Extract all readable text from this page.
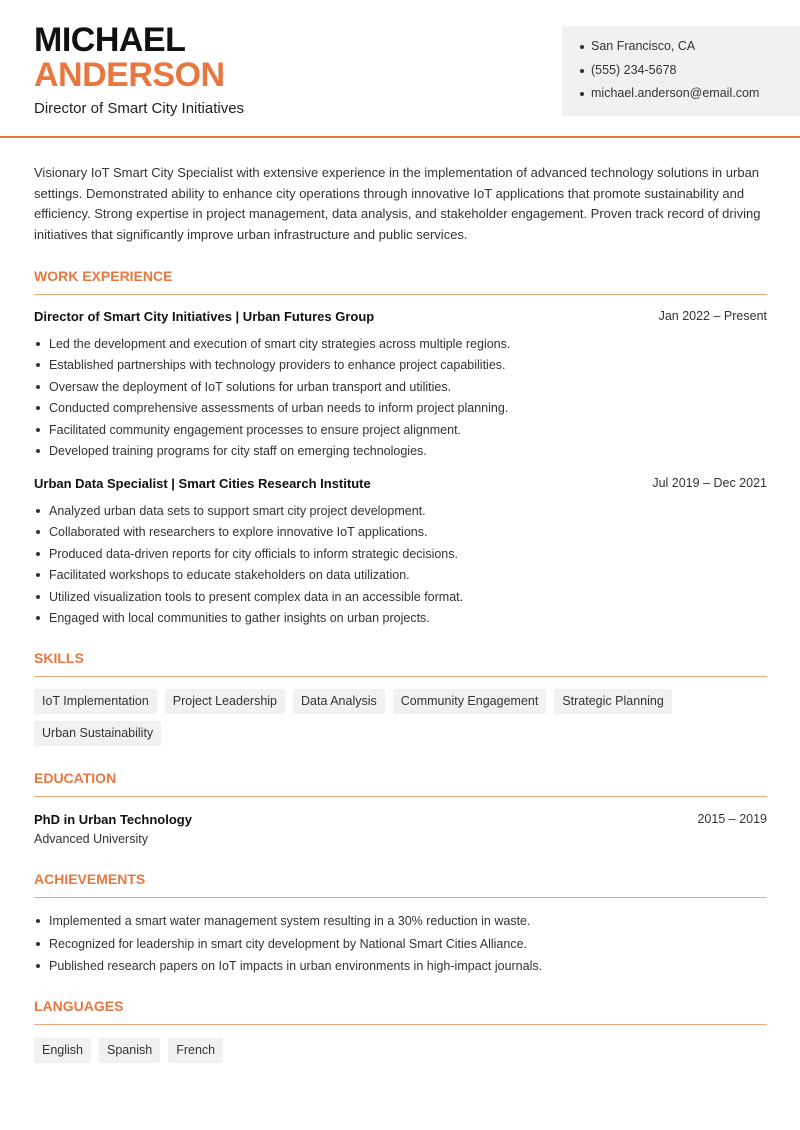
MICHAEL
ANDERSON
Director of Smart City Initiatives
San Francisco, CA
(555) 234-5678
michael.anderson@email.com

Visionary IoT Smart City Specialist with extensive experience in the implementation of advanced technology solutions in urban settings. Demonstrated ability to enhance city operations through innovative IoT applications that promote sustainability and efficiency. Strong expertise in project management, data analysis, and stakeholder engagement. Proven track record of driving initiatives that significantly improve urban infrastructure and public services.

WORK EXPERIENCE
Director of Smart City Initiatives | Urban Futures Group	Jan 2022 – Present
Led the development and execution of smart city strategies across multiple regions.
Established partnerships with technology providers to enhance project capabilities.
Oversaw the deployment of IoT solutions for urban transport and utilities.
Conducted comprehensive assessments of urban needs to inform project planning.
Facilitated community engagement processes to ensure project alignment.
Developed training programs for city staff on emerging technologies.
Urban Data Specialist | Smart Cities Research Institute	Jul 2019 – Dec 2021
Analyzed urban data sets to support smart city project development.
Collaborated with researchers to explore innovative IoT applications.
Produced data-driven reports for city officials to inform strategic decisions.
Facilitated workshops to educate stakeholders on data utilization.
Utilized visualization tools to present complex data in an accessible format.
Engaged with local communities to gather insights on urban projects.
SKILLS
IoT Implementation	Project Leadership	Data Analysis	Community Engagement	Strategic Planning
Urban Sustainability
EDUCATION
PhD in Urban Technology	2015 – 2019
Advanced University
ACHIEVEMENTS
Implemented a smart water management system resulting in a 30% reduction in waste.
Recognized for leadership in smart city development by National Smart Cities Alliance.
Published research papers on IoT impacts in urban environments in high-impact journals.
LANGUAGES
English	Spanish	French
